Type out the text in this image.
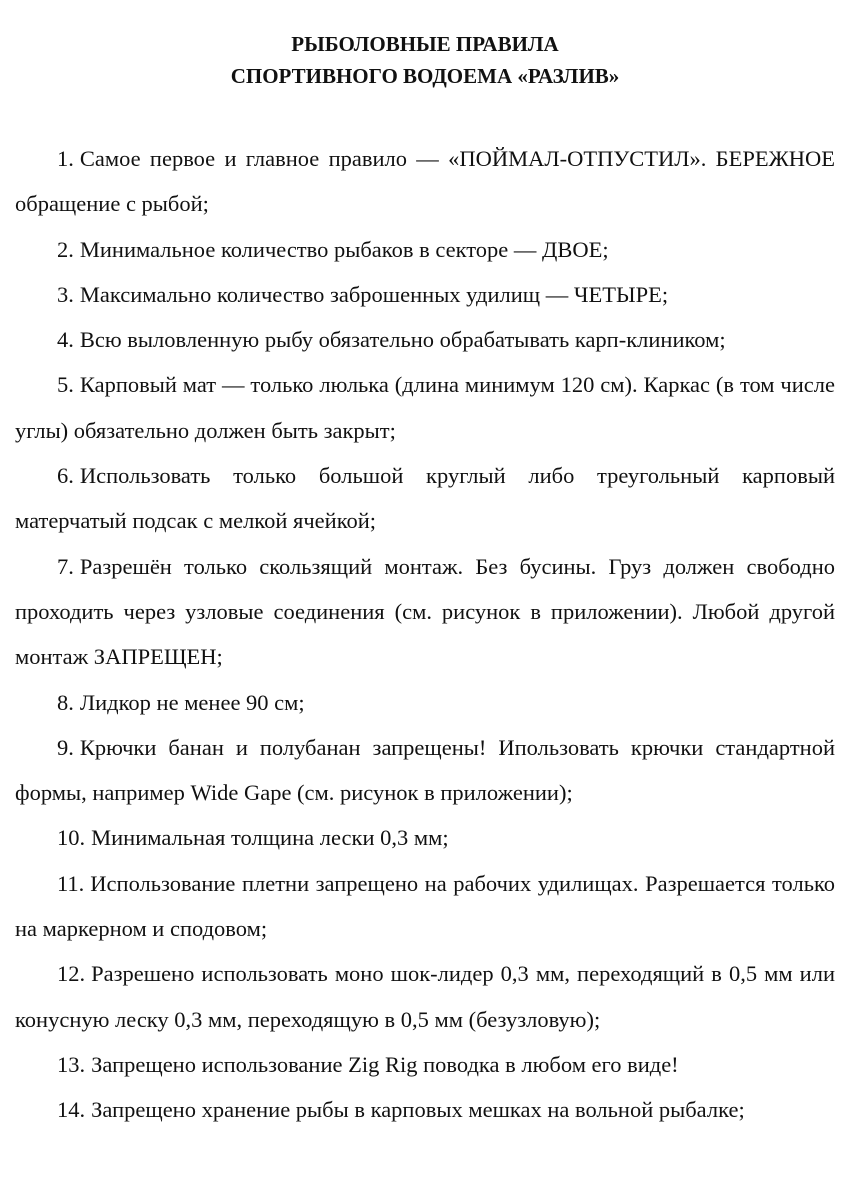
РЫБОЛОВНЫЕ ПРАВИЛА
СПОРТИВНОГО ВОДОЕМА «РАЗЛИВ»
1. Самое первое и главное правило — «ПОЙМАЛ-ОТПУСТИЛ». БЕРЕЖНОЕ обращение с рыбой;
2. Минимальное количество рыбаков в секторе — ДВОЕ;
3. Максимально количество заброшенных удилищ — ЧЕТЫРЕ;
4. Всю выловленную рыбу обязательно обрабатывать карп-клиником;
5. Карповый мат — только люлька (длина минимум 120 см). Каркас (в том числе углы) обязательно должен быть закрыт;
6. Использовать только большой круглый либо треугольный карповый матерчатый подсак с мелкой ячейкой;
7. Разрешён только скользящий монтаж. Без бусины. Груз должен свободно проходить через узловые соединения (см. рисунок в приложении). Любой другой монтаж ЗАПРЕЩЕН;
8. Лидкор не менее 90 см;
9. Крючки банан и полубанан запрещены! Ипользовать крючки стандартной формы, например Wide Gape (см. рисунок в приложении);
10. Минимальная толщина лески 0,3 мм;
11. Использование плетни запрещено на рабочих удилищах. Разрешается только на маркерном и сподовом;
12. Разрешено использовать моно шок-лидер 0,3 мм, переходящий в 0,5 мм или конусную леску 0,3 мм, переходящую в 0,5 мм (безузловую);
13. Запрещено использование Zig Rig поводка в любом его виде!
14. Запрещено хранение рыбы в карповых мешках на вольной рыбалке;
